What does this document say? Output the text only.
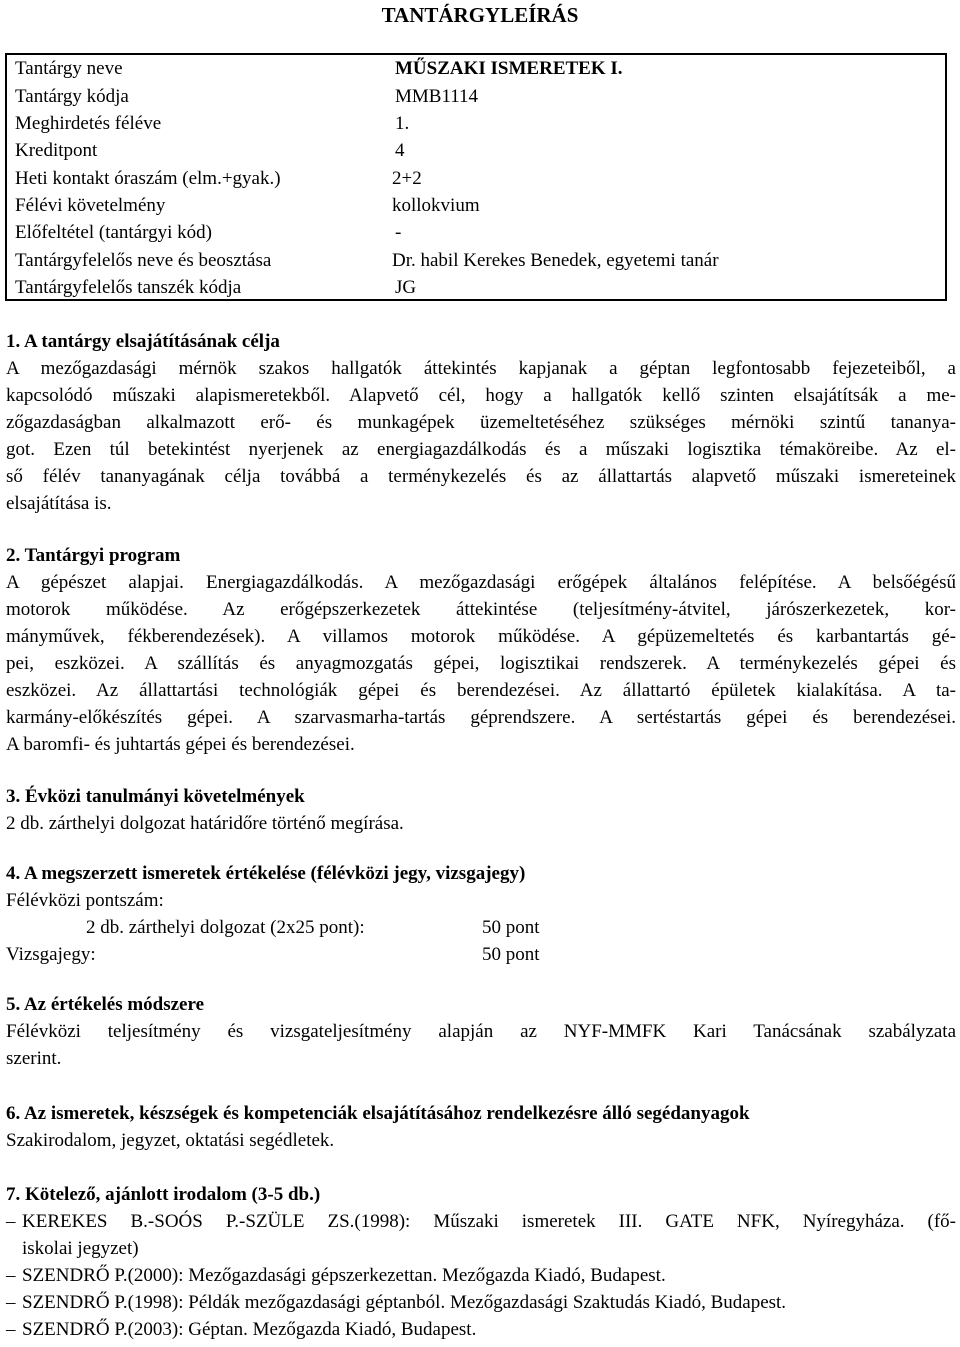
TANTÁRGYLEÍRÁS
Tantárgy neve	MŰSZAKI ISMERETEK I.
Tantárgy kódja	MMB1114
Meghirdetés féléve	1.
Kreditpont	4
Heti kontakt óraszám (elm.+gyak.)	2+2
Félévi követelmény	kollokvium
Előfeltétel (tantárgyi kód)	-
Tantárgyfelelős neve és beosztása	Dr. habil Kerekes Benedek, egyetemi tanár
Tantárgyfelelős tanszék kódja	JG
1. A tantárgy elsajátításának célja
A mezőgazdasági mérnök szakos hallgatók áttekintés kapjanak a géptan legfontosabb fejezeteiből, a
kapcsolódó műszaki alapismeretekből. Alapvető cél, hogy a hallgatók kellő szinten elsajátítsák a me-
zőgazdaságban alkalmazott erő- és munkagépek üzemeltetéséhez szükséges mérnöki szintű tananya-
got. Ezen túl betekintést nyerjenek az energiagazdálkodás és a műszaki logisztika témaköreibe. Az el-
ső félév tananyagának célja továbbá a terménykezelés és az állattartás alapvető műszaki ismereteinek
elsajátítása is.
2. Tantárgyi program
A gépészet alapjai. Energiagazdálkodás. A mezőgazdasági erőgépek általános felépítése. A belsőégésű
motorok működése. Az erőgépszerkezetek áttekintése (teljesítmény-átvitel, járószerkezetek, kor-
mányművek, fékberendezések). A villamos motorok működése. A gépüzemeltetés és karbantartás gé-
pei, eszközei. A szállítás és anyagmozgatás gépei, logisztikai rendszerek. A terménykezelés gépei és
eszközei. Az állattartási technológiák gépei és berendezései. Az állattartó épületek kialakítása. A ta-
karmány-előkészítés gépei. A szarvasmarha-tartás géprendszere. A sertéstartás gépei és berendezései.
A baromfi- és juhtartás gépei és berendezései.
3. Évközi tanulmányi követelmények
2 db. zárthelyi dolgozat határidőre történő megírása.
4. A megszerzett ismeretek értékelése (félévközi jegy, vizsgajegy)
Félévközi pontszám:
2 db. zárthelyi dolgozat (2x25 pont):	50 pont
Vizsgajegy:	50 pont
5. Az értékelés módszere
Félévközi teljesítmény és vizsgateljesítmény alapján az NYF-MMFK Kari Tanácsának szabályzata
szerint.
6. Az ismeretek, készségek és kompetenciák elsajátításához rendelkezésre álló segédanyagok
Szakirodalom, jegyzet, oktatási segédletek.
7. Kötelező, ajánlott irodalom (3-5 db.)
– KEREKES B.-SOÓS P.-SZÜLE ZS.(1998): Műszaki ismeretek III. GATE NFK, Nyíregyháza. (fő-
iskolai jegyzet)
– SZENDRŐ P.(2000): Mezőgazdasági gépszerkezettan. Mezőgazda Kiadó, Budapest.
– SZENDRŐ P.(1998): Példák mezőgazdasági géptanból. Mezőgazdasági Szaktudás Kiadó, Budapest.
– SZENDRŐ P.(2003): Géptan. Mezőgazda Kiadó, Budapest.
